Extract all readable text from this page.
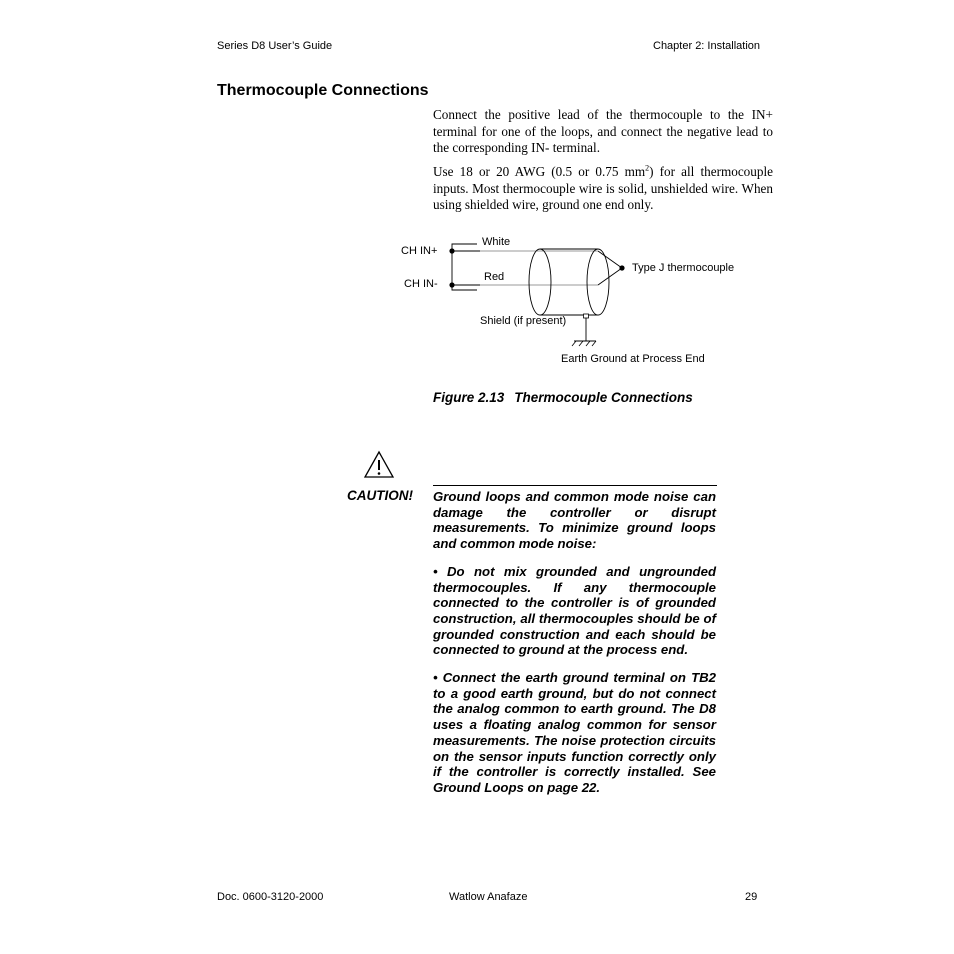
Series D8 User’s Guide	Chapter 2: Installation
Thermocouple Connections
Connect the positive lead of the thermocouple to the IN+ terminal for one of the loops, and connect the negative lead to the corresponding IN- terminal.
Use 18 or 20 AWG (0.5 or 0.75 $mm^2$) for all thermocouple inputs. Most thermocouple wire is solid, unshielded wire. When using shielded wire, ground one end only.
CH IN+
CH IN-
White
Red
Type J thermocouple
Shield (if present)
Earth Ground at Process End
Figure 2.13 Thermocouple Connections
CAUTION! Ground loops and common mode noise can damage the controller or disrupt measurements. To minimize ground loops and common mode noise:

• Do not mix grounded and ungrounded thermocouples. If any thermocouple connected to the controller is of grounded construction, all thermocouples should be of grounded construction and each should be connected to ground at the process end.

• Connect the earth ground terminal on TB2 to a good earth ground, but do not connect the analog common to earth ground. The D8 uses a floating analog common for sensor measurements. The noise protection circuits on the sensor inputs function correctly only if the controller is correctly installed. See Ground Loops on page 22.

Doc. 0600-3120-2000	Watlow Anafaze	29
